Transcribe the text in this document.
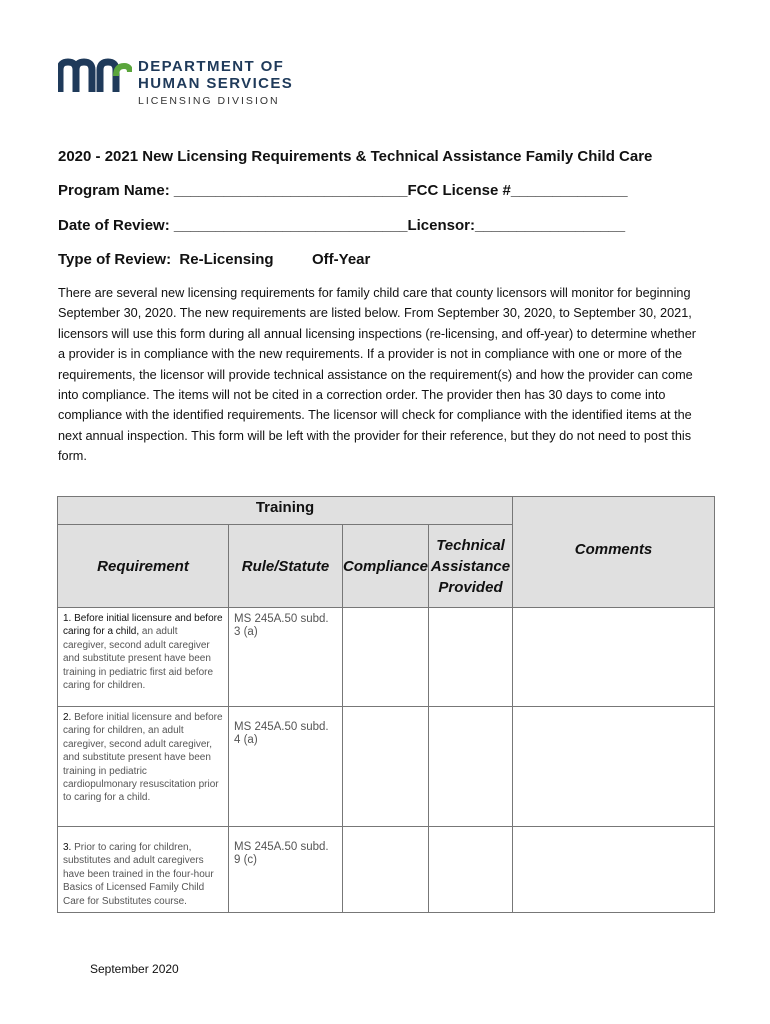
DEPARTMENT OF
HUMAN SERVICES
LICENSING DIVISION
2020 - 2021 New Licensing Requirements & Technical Assistance Family Child Care
Program Name: ____________________________FCC License #______________
Date of Review: ____________________________Licensor:__________________
Type of Review:  Re-Licensing	Off-Year
There are several new licensing requirements for family child care that county licensors will monitor for beginning September 30, 2020. The new requirements are listed below. From September 30, 2020, to September 30, 2021, licensors will use this form during all annual licensing inspections (re-licensing, and off-year) to determine whether a provider is in compliance with the new requirements. If a provider is not in compliance with one or more of the requirements, the licensor will provide technical assistance on the requirement(s) and how the provider can come into compliance. The items will not be cited in a correction order. The provider then has 30 days to come into compliance with the identified requirements. The licensor will check for compliance with the identified items at the next annual inspection. This form will be left with the provider for their reference, but they do not need to post this form.
Training				Comments
Requirement	Rule/Statute	Compliance	Technical Assistance Provided	
1. Before initial licensure and before caring for a child, an adult caregiver, second adult caregiver and substitute present have been training in pediatric first aid before caring for children.	MS 245A.50 subd. 3 (a)			
2. Before initial licensure and before caring for children, an adult caregiver, second adult caregiver, and substitute present have been training in pediatric cardiopulmonary resuscitation prior to caring for a child.	MS 245A.50 subd. 4 (a)			
3. Prior to caring for children, substitutes and adult caregivers have been trained in the four-hour Basics of Licensed Family Child Care for Substitutes course.	MS 245A.50 subd. 9 (c)			
September 2020
